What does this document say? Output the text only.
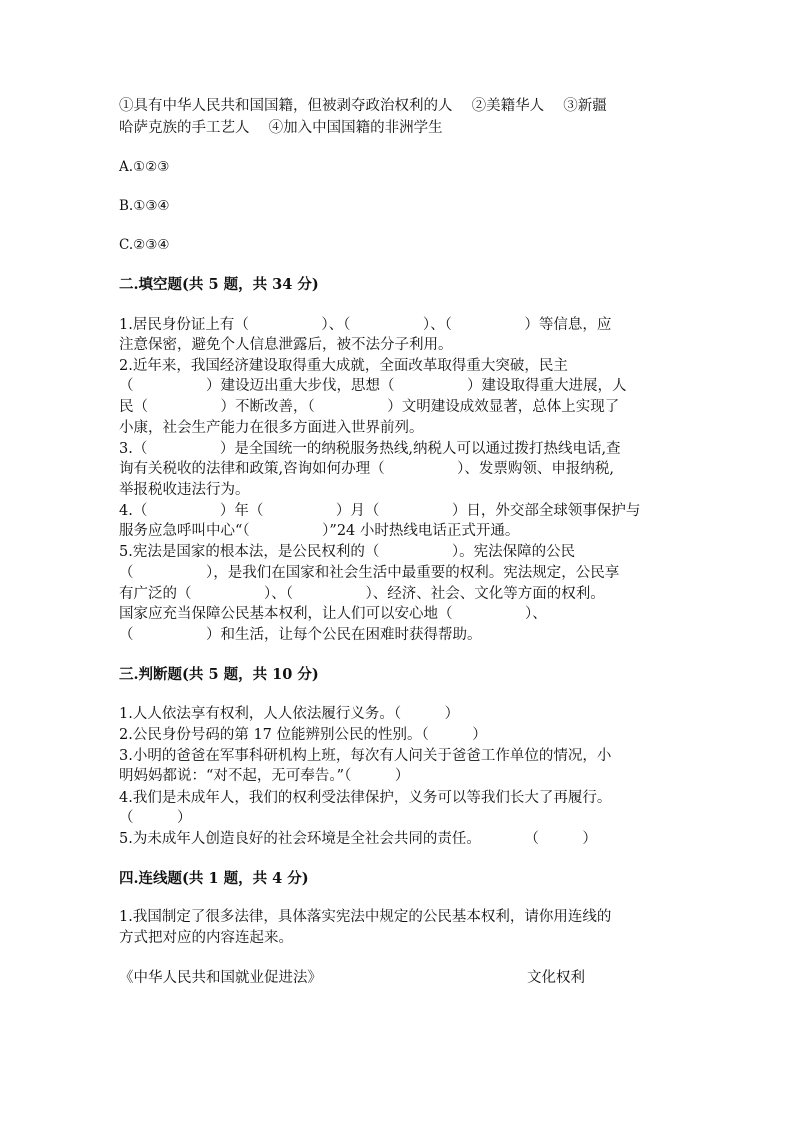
①具有中华人民共和国国籍，但被剥夺政治权利的人　 ②美籍华人　 ③新疆
哈萨克族的手工艺人　 ④加入中国国籍的非洲学生
A.①②③
B.①③④
C.②③④
二.填空题(共 5 题，共 34 分)
1.居民身份证上有（　　　　　）、（　　　　　）、（　　　　　）等信息，应
注意保密，避免个人信息泄露后，被不法分子利用。
2.近年来，我国经济建设取得重大成就，全面改革取得重大突破，民主
（　　　　　）建设迈出重大步伐，思想（　　　　　）建设取得重大进展，人
民（　　　　　）不断改善，（　　　　　）文明建设成效显著，总体上实现了
小康，社会生产能力在很多方面进入世界前列。
3.（　　　　　）是全国统一的纳税服务热线,纳税人可以通过拨打热线电话,查
询有关税收的法律和政策,咨询如何办理（　　　　　）、发票购领、申报纳税,
举报税收违法行为。
4.（　　　　　）年（　　　　　）月（　　　　　）日，外交部全球领事保护与
服务应急呼叫中心“（　　　　　）”24 小时热线电话正式开通。
5.宪法是国家的根本法，是公民权利的（　　　　　）。宪法保障的公民
（　　　　　），是我们在国家和社会生活中最重要的权利。宪法规定，公民享
有广泛的（　　　　　）、（　　　　　）、经济、社会、文化等方面的权利。
国家应充当保障公民基本权利，让人们可以安心地（　　　　　）、
（　　　　　）和生活，让每个公民在困难时获得帮助。
三.判断题(共 5 题，共 10 分)
1.人人依法享有权利，人人依法履行义务。（　　　）
2.公民身份号码的第 17 位能辨别公民的性别。（　　　）
3.小明的爸爸在军事科研机构上班，每次有人问关于爸爸工作单位的情况，小
明妈妈都说：“对不起，无可奉告。”（　　　）
4.我们是未成年人，我们的权利受法律保护，义务可以等我们长大了再履行。
（　　　）
5.为未成年人创造良好的社会环境是全社会共同的责任。　　　　（　　　）
四.连线题(共 1 题，共 4 分)
1.我国制定了很多法律，具体落实宪法中规定的公民基本权利，请你用连线的
方式把对应的内容连起来。
《中华人民共和国就业促进法》	文化权利
